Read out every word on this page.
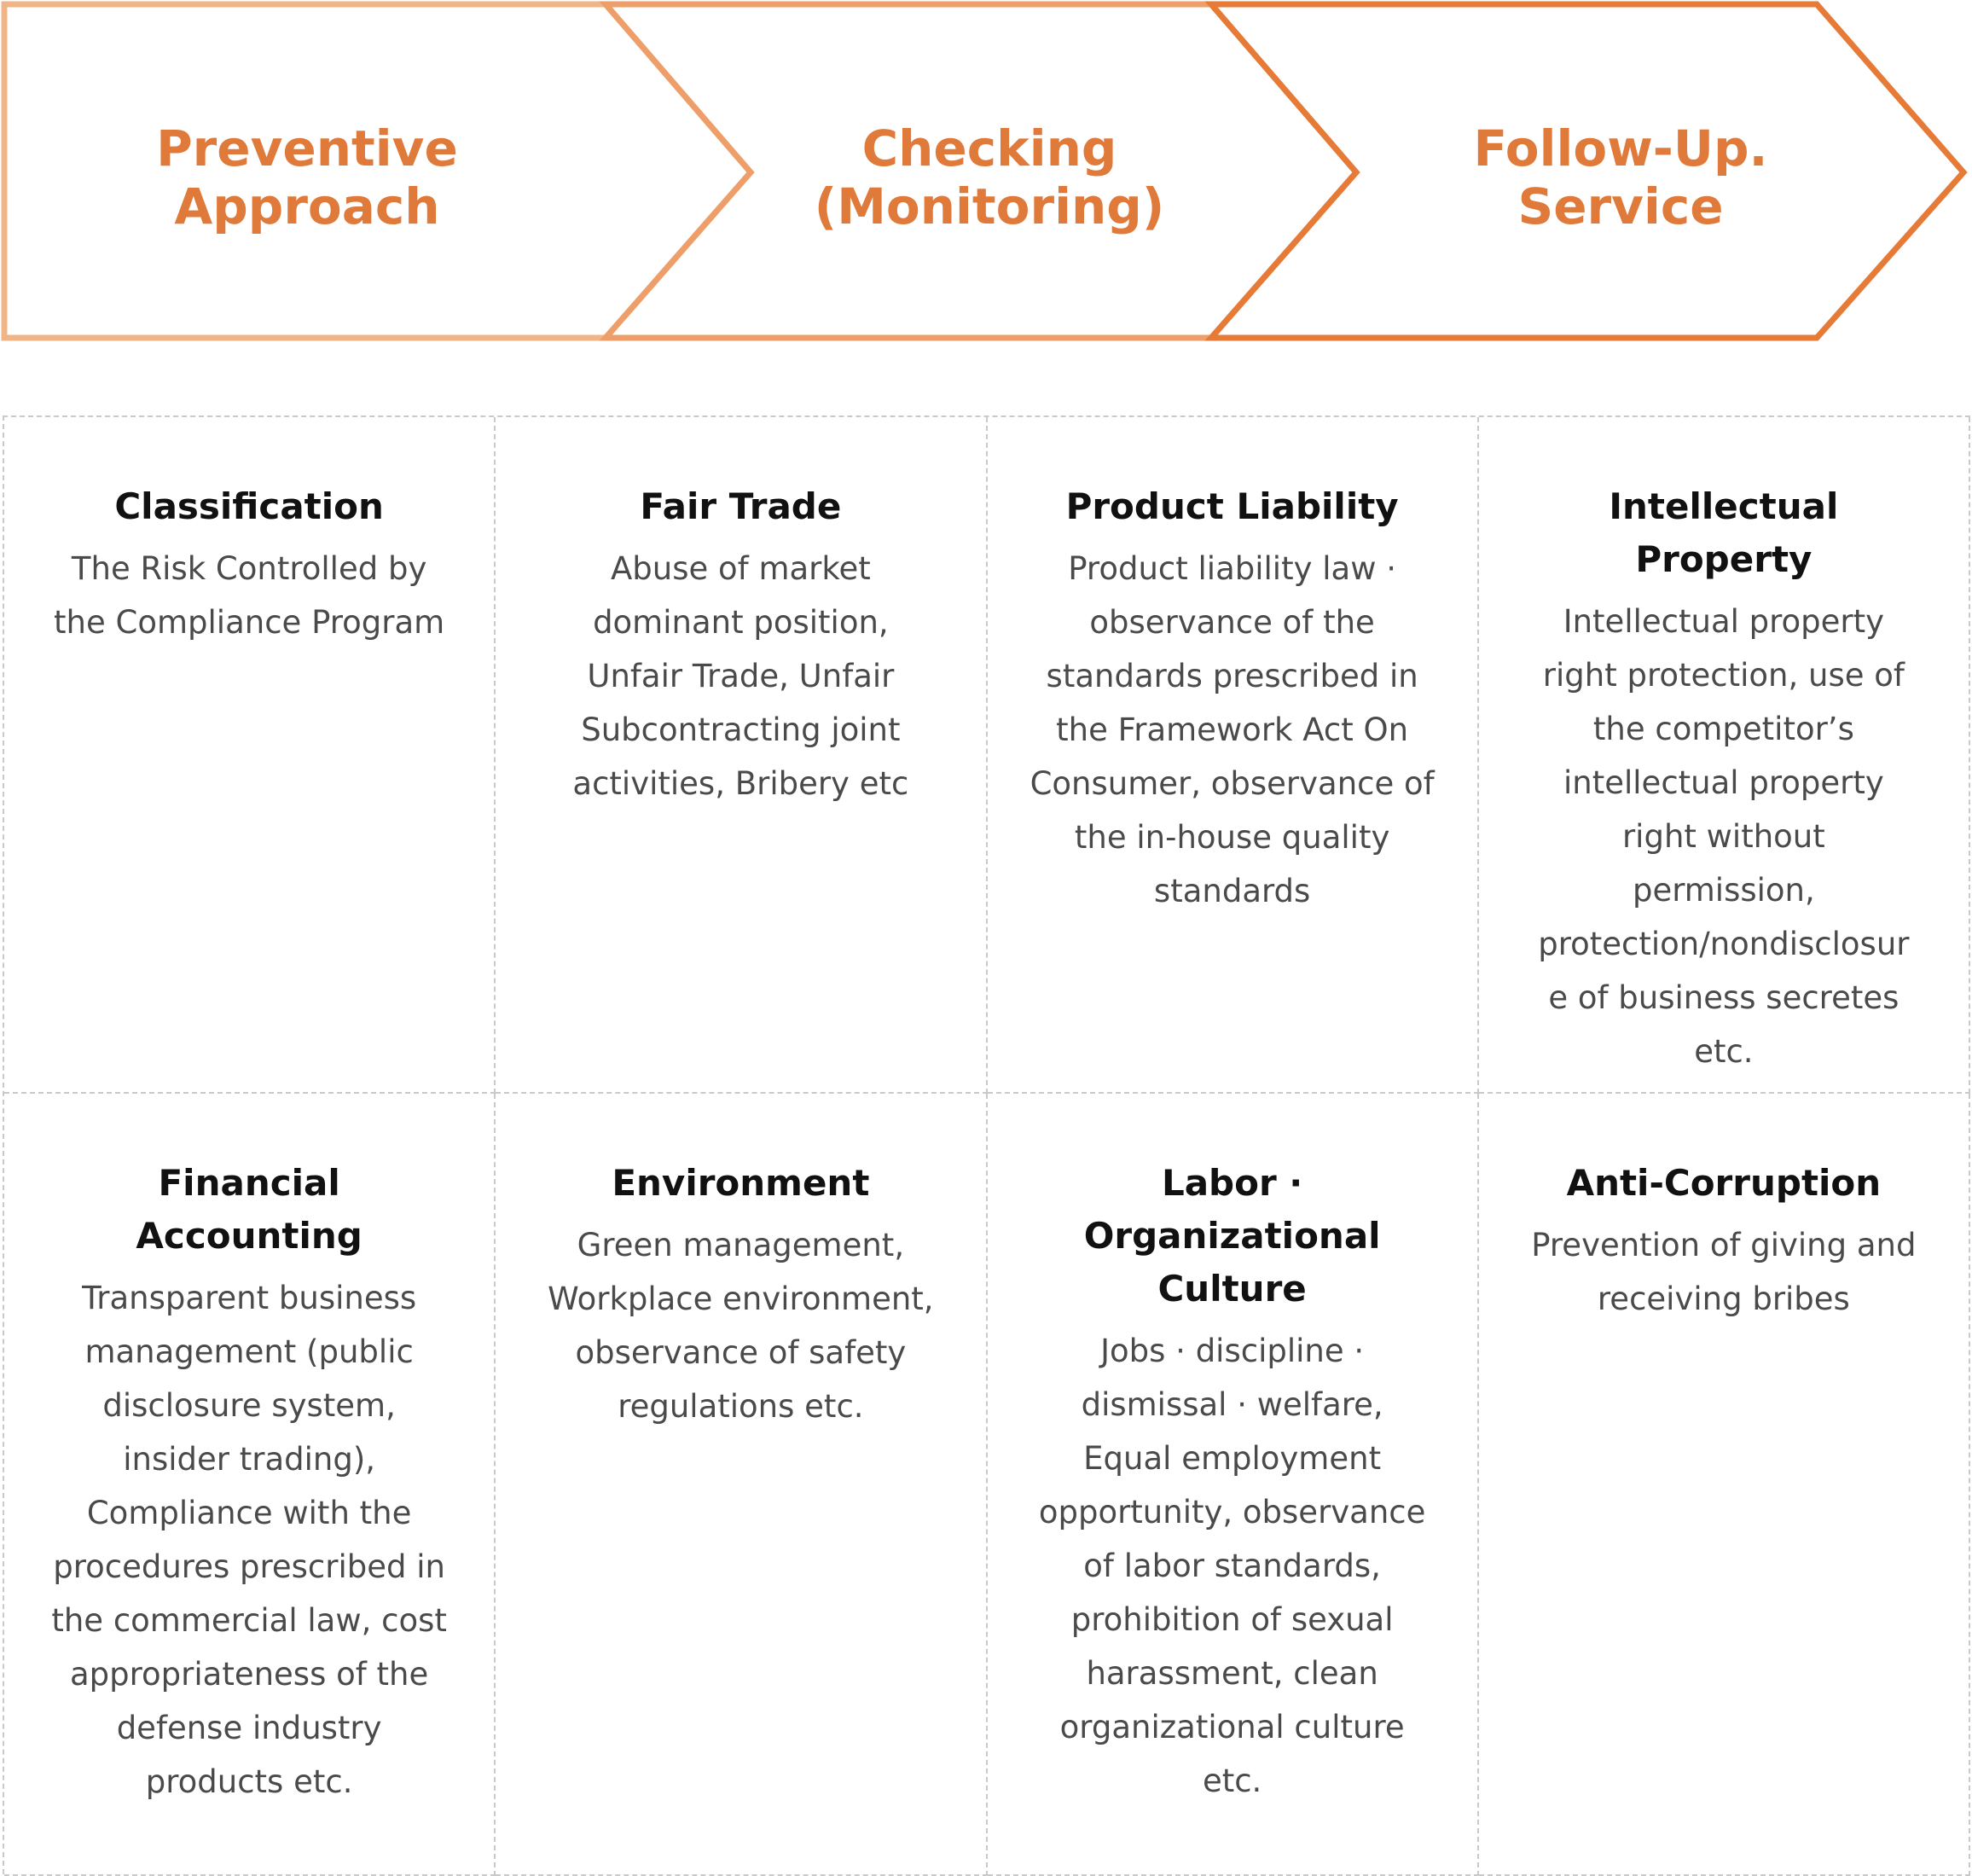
Preventive
Approach
Checking
(Monitoring)
Follow-Up.
Service
Classification
The Risk Controlled by
the Compliance Program
Fair Trade
Abuse of market
dominant position,
Unfair Trade, Unfair
Subcontracting joint
activities, Bribery etc
Product Liability
Product liability law ·
observance of the
standards prescribed in
the Framework Act On
Consumer, observance of
the in-house quality
standards
Intellectual Property
Intellectual property
right protection, use of
the competitor’s
intellectual property
right without
permission,
protection/nondisclosur
e of business secretes
etc.
Financial Accounting
Transparent business
management (public
disclosure system,
insider trading),
Compliance with the
procedures prescribed in
the commercial law, cost
appropriateness of the
defense industry
products etc.
Environment
Green management,
Workplace environment,
observance of safety
regulations etc.
Labor ·
Organizational
Culture
Jobs · discipline ·
dismissal · welfare,
Equal employment
opportunity, observance
of labor standards,
prohibition of sexual
harassment, clean
organizational culture
etc.
Anti-Corruption
Prevention of giving and
receiving bribes
